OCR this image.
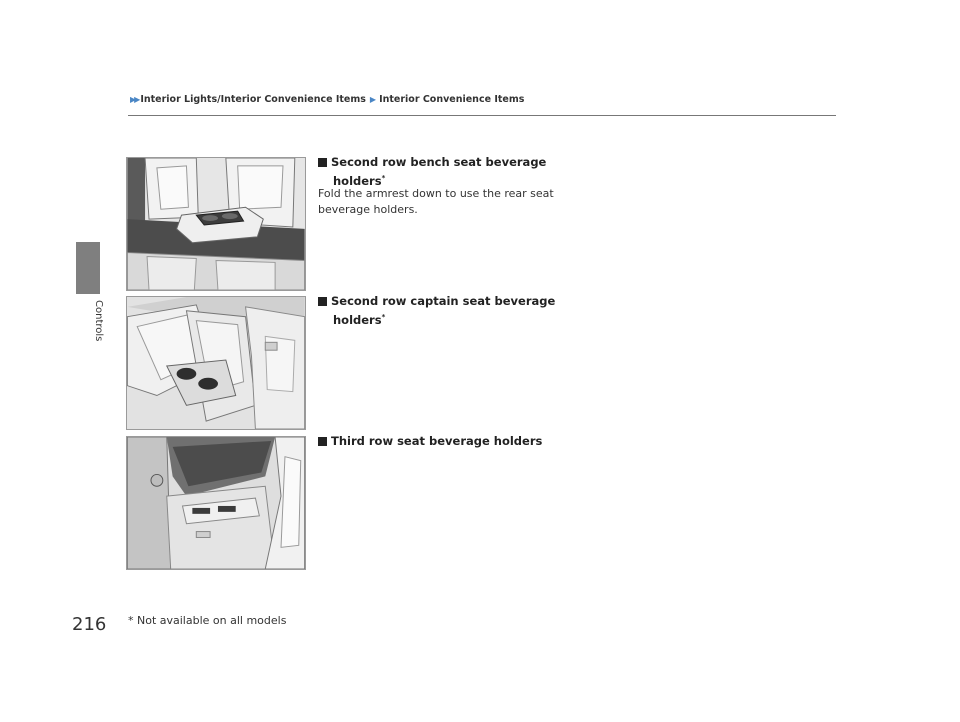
▶▶ Interior Lights/Interior Convenience Items ▶ Interior Convenience Items
Controls
Second row bench seat beverage
holders*
Fold the armrest down to use the rear seat beverage holders.
Second row captain seat beverage
holders*
Third row seat beverage holders
216 * Not available on all models
